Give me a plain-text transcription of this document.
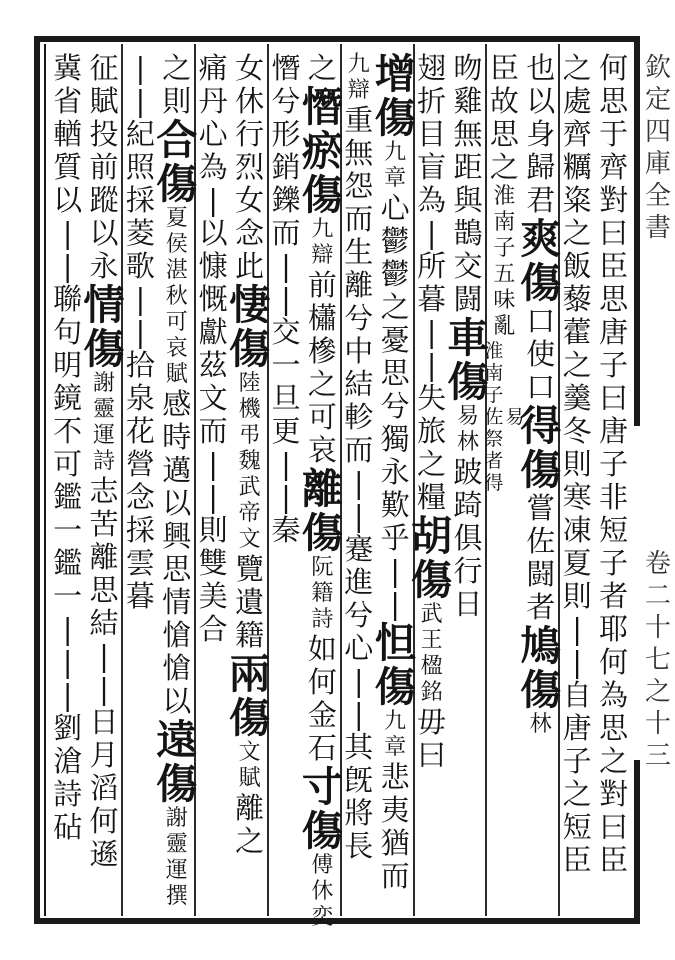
欽
定
四
庫
全
書
卷
二
十
七
之
十
三
何
思
于
齊
對
曰
臣
思
唐
子
曰
唐
子
非
短
子
者
耶
何
為
思
之
對
曰
臣
之
處
齊
糲
粢
之
飯
藜
藿
之
羹
冬
則
寒
凍
夏
則
|
|
自
唐
子
之
短
臣
也
以
身
歸
君
爽
傷
口
使
口
得
傷
嘗
佐
闘
者
鳩
傷
林
臣
故
思
之
淮
南
子
五
味
亂
淮
南
子
佐
祭
者
得
易
昒
雞
無
距
與
鵲
交
闘
車
傷
易
林
跛
踦
俱
行
日
翅
折
目
盲
為
|
所
暮
|
|
失
旅
之
糧
胡
傷
武
王
楹
銘
毋
曰
增
傷
九
章
心
鬱
鬱
之
憂
思
兮
獨
永
歎
乎
|
|
怛
傷
九
章
悲
夷
猶
而
九
辯
重
無
怨
而
生
離
兮
中
結
軫
而
|
|
蹇
進
兮
心
|
|
其
旣
將
長
之
憯
瘀
傷
九
辯
前
櫹
槮
之
可
哀
離
傷
阮
籍
詩
如
何
金
石
寸
傷
傅
休
奕
憯
兮
形
銷
鑠
而
|
|
交
一
旦
更
|
|
秦
女
休
行
烈
女
念
此
悽
傷
陸
機
弔
魏
武
帝
文
覽
遺
籍
兩
傷
文
賦
離
之
痛
丹
心
為
|
以
慷
慨
獻
茲
文
而
|
|
則
雙
美
合
之
則
合
傷
夏
侯
湛
秋
可
哀
賦
感
時
邁
以
興
思
情
愴
愴
以
遠
傷
謝
靈
運
撰
|
|
紀
照
採
菱
歌
|
|
拾
泉
花
營
念
採
雲
暮
征
賦
投
前
蹤
以
永
情
傷
謝
靈
運
詩
志
苦
離
思
結
|
|
日
月
滔
何
遜
冀
省
輶
質
以
|
|
聯
句
明
鏡
不
可
鑑
一
鑑
一
|
|
|
劉
滄
詩
砧
